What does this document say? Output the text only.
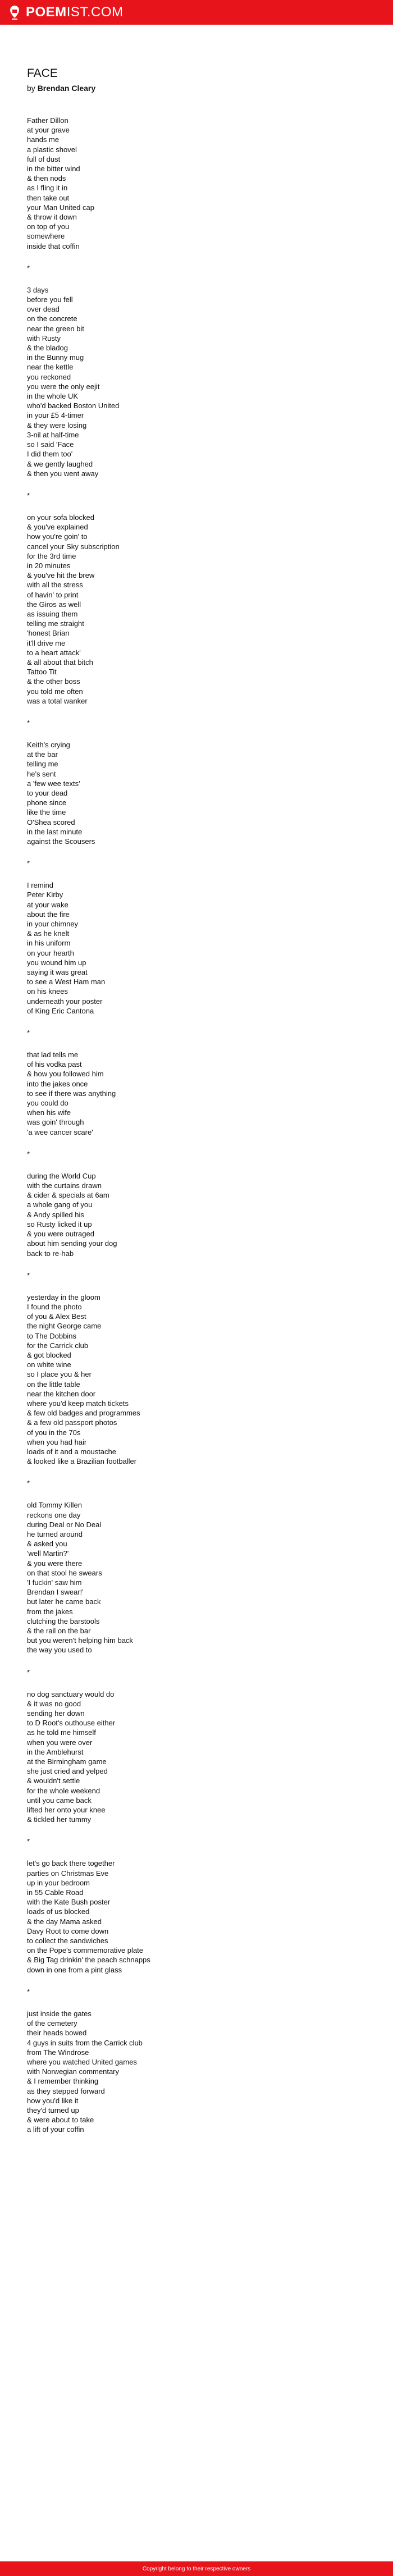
POEMIST.COM
FACE
by Brendan Cleary
Father Dillon
at your grave
hands me
a plastic shovel
full of dust
in the bitter wind
& then nods
as I fling it in
then take out
your Man United cap
& throw it down
on top of you
somewhere
inside that coffin
*
3 days
before you fell
over dead
on the concrete
near the green bit
with Rusty
& the bladog
in the Bunny mug
near the kettle
you reckoned
you were the only eejit
in the whole UK
who'd backed Boston United
in your £5 4-timer
& they were losing
3-nil at half-time
so I said 'Face
I did them too'
& we gently laughed
& then you went away
*
on your sofa blocked
& you've explained
how you're goin' to
cancel your Sky subscription
for the 3rd time
in 20 minutes
& you've hit the brew
with all the stress
of havin' to print
the Giros as well
as issuing them
telling me straight
'honest Brian
it'll drive me
to a heart attack'
& all about that bitch
Tattoo Tit
& the other boss
you told me often
was a total wanker
*
Keith's crying
at the bar
telling me
he's sent
a 'few wee texts'
to your dead
phone since
like the time
O'Shea scored
in the last minute
against the Scousers
*
I remind
Peter Kirby
at your wake
about the fire
in your chimney
& as he knelt
in his uniform
on your hearth
you wound him up
saying it was great
to see a West Ham man
on his knees
underneath your poster
of King Eric Cantona
*
that lad tells me
of his vodka past
& how you followed him
into the jakes once
to see if there was anything
you could do
when his wife
was goin' through
'a wee cancer scare'
*
during the World Cup
with the curtains drawn
& cider & specials at 6am
a whole gang of you
& Andy spilled his
so Rusty licked it up
& you were outraged
about him sending your dog
back to re-hab
*
yesterday in the gloom
I found the photo
of you & Alex Best
the night George came
to The Dobbins
for the Carrick club
& got blocked
on white wine
so I place you & her
on the little table
near the kitchen door
where you'd keep match tickets
& few old badges and programmes
& a few old passport photos
of you in the 70s
when you had hair
loads of it and a moustache
& looked like a Brazilian footballer
*
old Tommy Killen
reckons one day
during Deal or No Deal
he turned around
& asked you
'well Martin?'
& you were there
on that stool he swears
'I fuckin' saw him
Brendan I swear!'
but later he came back
from the jakes
clutching the barstools
& the rail on the bar
but you weren't helping him back
the way you used to
*
no dog sanctuary would do
& it was no good
sending her down
to D Root's outhouse either
as he told me himself
when you were over
in the Amblehurst
at the Birmingham game
she just cried and yelped
& wouldn't settle
for the whole weekend
until you came back
lifted her onto your knee
& tickled her tummy
*
let's go back there together
parties on Christmas Eve
up in your bedroom
in 55 Cable Road
with the Kate Bush poster
loads of us blocked
& the day Mama asked
Davy Root to come down
to collect the sandwiches
on the Pope's commemorative plate
& Big Tag drinkin' the peach schnapps
down in one from a pint glass
*
just inside the gates
of the cemetery
their heads bowed
4 guys in suits from the Carrick club
from The Windrose
where you watched United games
with Norwegian commentary
& I remember thinking
as they stepped forward
how you'd like it
they'd turned up
& were about to take
a lift of your coffin
Copyright belong to their respective owners
